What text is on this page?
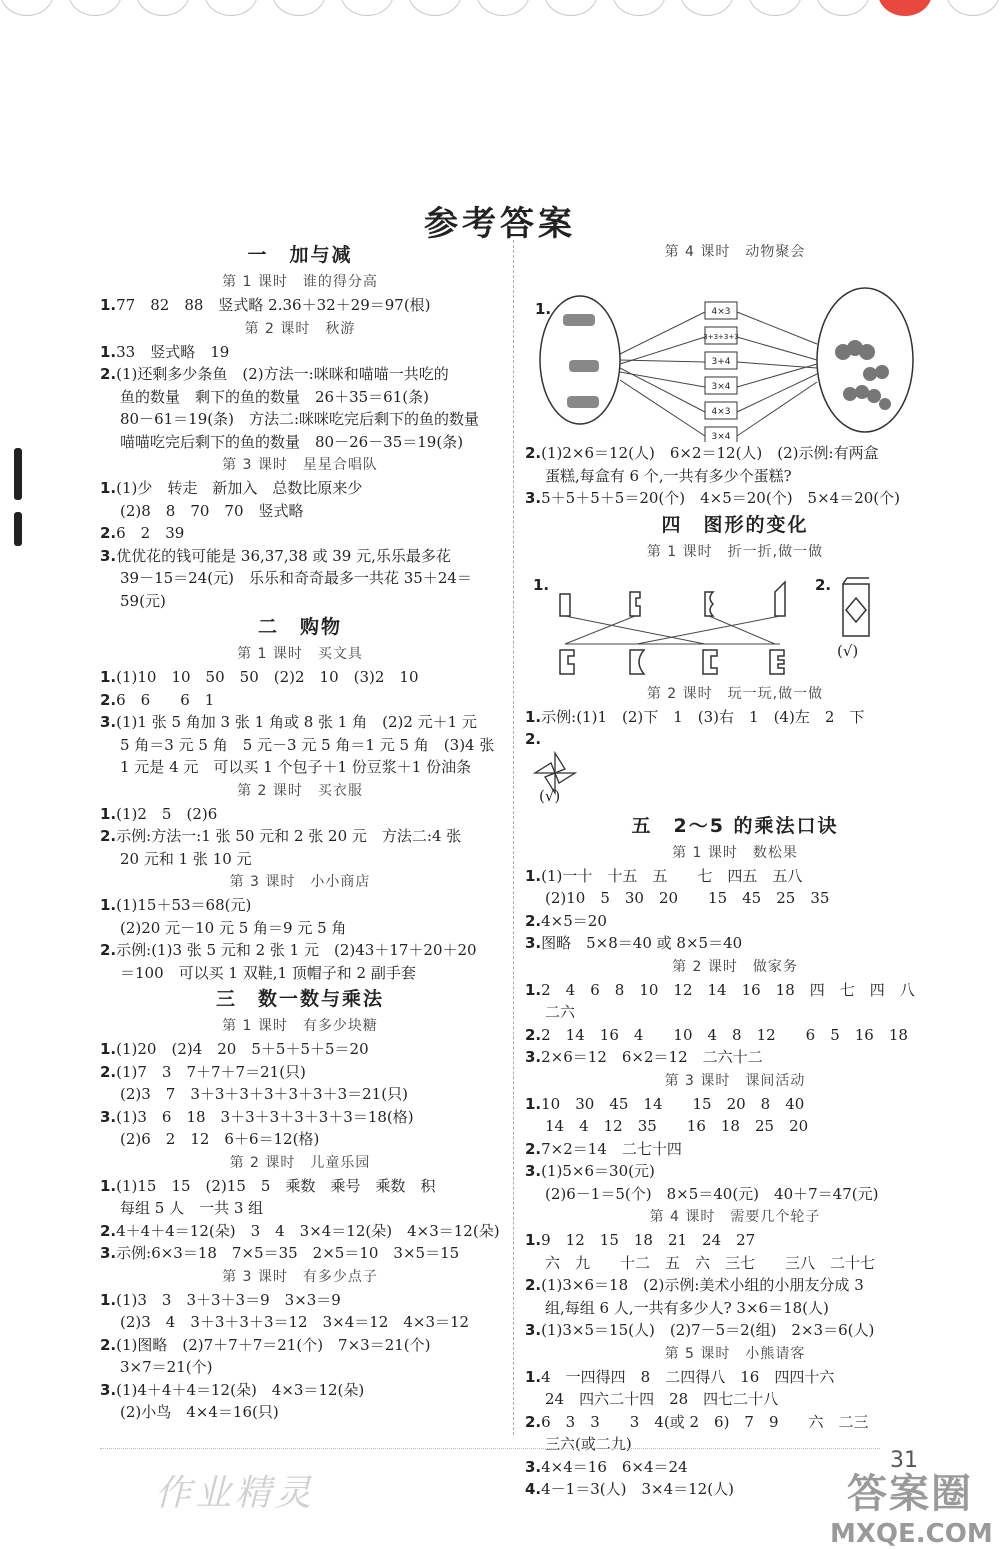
参考答案
一　加与减
第 1 课时　谁的得分高
1.77　82　88　竖式略 2.36＋32＋29＝97(根)
第 2 课时　秋游
1.33　竖式略　19
2.(1)还剩多少条鱼　(2)方法一:咪咪和喵喵一共吃的
鱼的数量　剩下的鱼的数量　26＋35＝61(条)
80－61＝19(条)　方法二:咪咪吃完后剩下的鱼的数量
喵喵吃完后剩下的鱼的数量　80－26－35＝19(条)
第 3 课时　星星合唱队
1.(1)少　转走　新加入　总数比原来少
(2)8　8　70　70　竖式略
2.6　2　39
3.优优花的钱可能是 36,37,38 或 39 元,乐乐最多花
39－15＝24(元)　乐乐和奇奇最多一共花 35＋24＝
59(元)
二　购物
第 1 课时　买文具
1.(1)10　10　50　50　(2)2　10　(3)2　10
2.6　6　　6　1
3.(1)1 张 5 角加 3 张 1 角或 8 张 1 角　(2)2 元＋1 元
5 角＝3 元 5 角　5 元－3 元 5 角＝1 元 5 角　(3)4 张
1 元是 4 元　可以买 1 个包子＋1 份豆浆＋1 份油条
第 2 课时　买衣服
1.(1)2　5　(2)6
2.示例:方法一:1 张 50 元和 2 张 20 元　方法二:4 张
20 元和 1 张 10 元
第 3 课时　小小商店
1.(1)15＋53＝68(元)
(2)20 元－10 元 5 角＝9 元 5 角
2.示例:(1)3 张 5 元和 2 张 1 元　(2)43＋17＋20＋20
＝100　可以买 1 双鞋,1 顶帽子和 2 副手套
三　数一数与乘法
第 1 课时　有多少块糖
1.(1)20　(2)4　20　5＋5＋5＋5＝20
2.(1)7　3　7＋7＋7＝21(只)
(2)3　7　3＋3＋3＋3＋3＋3＋3＝21(只)
3.(1)3　6　18　3＋3＋3＋3＋3＋3＝18(格)
(2)6　2　12　6＋6＝12(格)
第 2 课时　儿童乐园
1.(1)15　15　(2)15　5　乘数　乘号　乘数　积
每组 5 人　一共 3 组
2.4＋4＋4＝12(朵)　3　4　3×4＝12(朵)　4×3＝12(朵)
3.示例:6×3＝18　7×5＝35　2×5＝10　3×5＝15
第 3 课时　有多少点子
1.(1)3　3　3＋3＋3＝9　3×3＝9
(2)3　4　3＋3＋3＋3＝12　3×4＝12　4×3＝12
2.(1)图略　(2)7＋7＋7＝21(个)　7×3＝21(个)
3×7＝21(个)
3.(1)4＋4＋4＝12(朵)　4×3＝12(朵)
(2)小鸟　4×4＝16(只)
第 4 课时　动物聚会
4×3
3+3+3+3
3+4
3×4
4×3
3×4
1.
2.(1)2×6＝12(人)　6×2＝12(人)　(2)示例:有两盒
蛋糕,每盒有 6 个,一共有多少个蛋糕?
3.5＋5＋5＋5＝20(个)　4×5＝20(个)　5×4＝20(个)
四　图形的变化
第 1 课时　折一折,做一做
1.	2.
(√)
第 2 课时　玩一玩,做一做
1.示例:(1)1　(2)下　1　(3)右　1　(4)左　2　下
2.
(√)
五　2～5 的乘法口诀
第 1 课时　数松果
1.(1)一十　十五　五　　七　四五　五八
(2)10　5　30　20　　15　45　25　35
2.4×5＝20
3.图略　5×8＝40 或 8×5＝40
第 2 课时　做家务
1.2　4　6　8　10　12　14　16　18　四　七　四　八
二六
2.2　14　16　4　　10　4　8　12　　6　5　16　18
3.2×6＝12　6×2＝12　二六十二
第 3 课时　课间活动
1.10　30　45　14　　15　20　8　40
14　4　12　35　　16　18　25　20
2.7×2＝14　二七十四
3.(1)5×6＝30(元)
(2)6－1＝5(个)　8×5＝40(元)　40＋7＝47(元)
第 4 课时　需要几个轮子
1.9　12　15　18　21　24　27
六　九　　十二　五　六　三七　　三八　二十七
2.(1)3×6＝18　(2)示例:美术小组的小朋友分成 3
组,每组 6 人,一共有多少人? 3×6＝18(人)
3.(1)3×5＝15(人)　(2)7－5＝2(组)　2×3＝6(人)
第 5 课时　小熊请客
1.4　一四得四　8　二四得八　16　四四十六
24　四六二十四　28　四七二十八
2.6　3　3　　3　4(或 2　6)　7　9　　六　二三
三六(或二九)
3.4×4＝16　6×4＝24
4.4－1＝3(人)　3×4＝12(人)
31
作业精灵	答案圈
MXQE.COM
